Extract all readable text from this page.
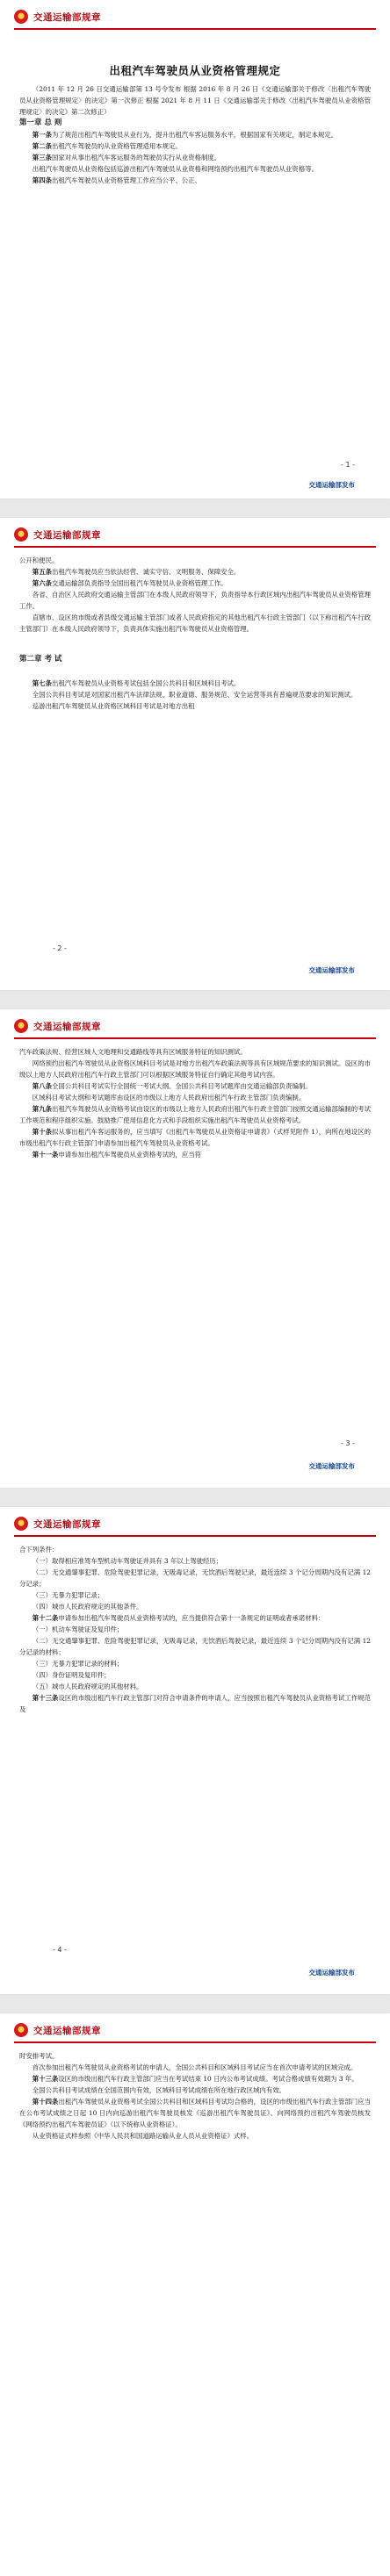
交通运输部规章
出租汽车驾驶员从业资格管理规定

（2011 年 12 月 26 日交通运输部第 13 号令发布 根据 2016 年 8 月 26 日《交通运输部关于修改〈出租汽车驾驶员从业资格管理规定〉的决定》第一次修正 根据 2021 年 8 月 11 日《交通运输部关于修改〈出租汽车驾驶员从业资格管理规定〉的决定》第二次修正）

第一章 总 则

第一条为了规范出租汽车驾驶员从业行为，提升出租汽车客运服务水平，根据国家有关规定，制定本规定。

第二条出租汽车驾驶员的从业资格管理适用本规定。

第三条国家对从事出租汽车客运服务的驾驶员实行从业资格制度。

出租汽车驾驶员从业资格包括巡游出租汽车驾驶员从业资格和网络预约出租汽车驾驶员从业资格等。

第四条出租汽车驾驶员从业资格管理工作应当公平、公正、

- 1 -
交通运输部发布
交通运输部规章

公开和便民。

第五条出租汽车驾驶员应当依法经营、诚实守信、文明服务、保障安全。

第六条交通运输部负责指导全国出租汽车驾驶员从业资格管理工作。

各省、自治区人民政府交通运输主管部门在本级人民政府领导下，负责指导本行政区域内出租汽车驾驶员从业资格管理工作。

直辖市、设区的市级或者县级交通运输主管部门或者人民政府指定的其他出租汽车行政主管部门（以下称出租汽车行政主管部门）在本级人民政府领导下，负责具体实施出租汽车驾驶员从业资格管理。

第二章 考 试

第七条出租汽车驾驶员从业资格考试包括全国公共科目和区域科目考试。

全国公共科目考试是对国家出租汽车法律法规、职业道德、服务规范、安全运营等具有普遍规范要求的知识测试。

巡游出租汽车驾驶员从业资格区域科目考试是对地方出租

- 2 -
交通运输部发布
交通运输部规章

汽车政策法规、经营区域人文地理和交通路线等具有区域服务特征的知识测试。

网络预约出租汽车驾驶员从业资格区域科目考试是对地方出租汽车政策法规等具有区域规范要求的知识测试。设区的市级以上地方人民政府出租汽车行政主管部门可以根据区域服务特征自行确定其他考试内容。

第八条全国公共科目考试实行全国统一考试大纲。全国公共科目考试题库由交通运输部负责编制。

区域科目考试大纲和考试题库由设区的市级以上地方人民政府出租汽车行政主管部门负责编制。

第九条出租汽车驾驶员从业资格考试由设区的市级以上地方人民政府出租汽车行政主管部门按照交通运输部编制的考试工作规范和程序组织实施。鼓励推广使用信息化方式和手段组织实施出租汽车驾驶员从业资格考试。

第十条拟从事出租汽车客运服务的，应当填写《出租汽车驾驶员从业资格证申请表》（式样见附件 1），向所在地设区的市级出租汽车行政主管部门申请参加出租汽车驾驶员从业资格考试。

第十一条申请参加出租汽车驾驶员从业资格考试的，应当符

- 3 -
交通运输部发布
交通运输部规章

合下列条件：

（一）取得相应准驾车型机动车驾驶证并具有 3 年以上驾驶经历；

（二）无交通肇事犯罪、危险驾驶犯罪记录，无吸毒记录，无饮酒后驾驶记录，最近连续 3 个记分周期内没有记满 12 分记录；

（三）无暴力犯罪记录；

（四）城市人民政府规定的其他条件。

第十二条申请参加出租汽车驾驶员从业资格考试的，应当提供符合第十一条规定的证明或者承诺材料：

（一）机动车驾驶证及复印件；

（二）无交通肇事犯罪、危险驾驶犯罪记录，无吸毒记录，无饮酒后驾驶记录，最近连续 3 个记分周期内没有记满 12 分记录的材料；

（三）无暴力犯罪记录的材料；

（四）身份证明及复印件；

（五）城市人民政府规定的其他材料。

第十三条设区的市级出租汽车行政主管部门对符合申请条件的申请人，应当按照出租汽车驾驶员从业资格考试工作规范及

- 4 -
交通运输部发布
交通运输部规章

时安排考试。

首次参加出租汽车驾驶员从业资格考试的申请人，全国公共科目和区域科目考试应当在首次申请考试的区域完成。

第十三条设区的市级出租汽车行政主管部门应当在考试结束 10 日内公布考试成绩。考试合格成绩有效期为 3 年。

全国公共科目考试成绩在全国范围内有效，区域科目考试成绩在所在地行政区域内有效。

第十四条出租汽车驾驶员从业资格考试全国公共科目和区域科目考试均合格的，设区的市级出租汽车行政主管部门应当在公布考试成绩之日起 10 日内向巡游出租汽车驾驶员核发《巡游出租汽车驾驶员证》、向网络预约出租汽车驾驶员核发《网络预约出租汽车驾驶员证》（以下统称从业资格证）。

从业资格证式样参照《中华人民共和国道路运输从业人员从业资格证》式样。
